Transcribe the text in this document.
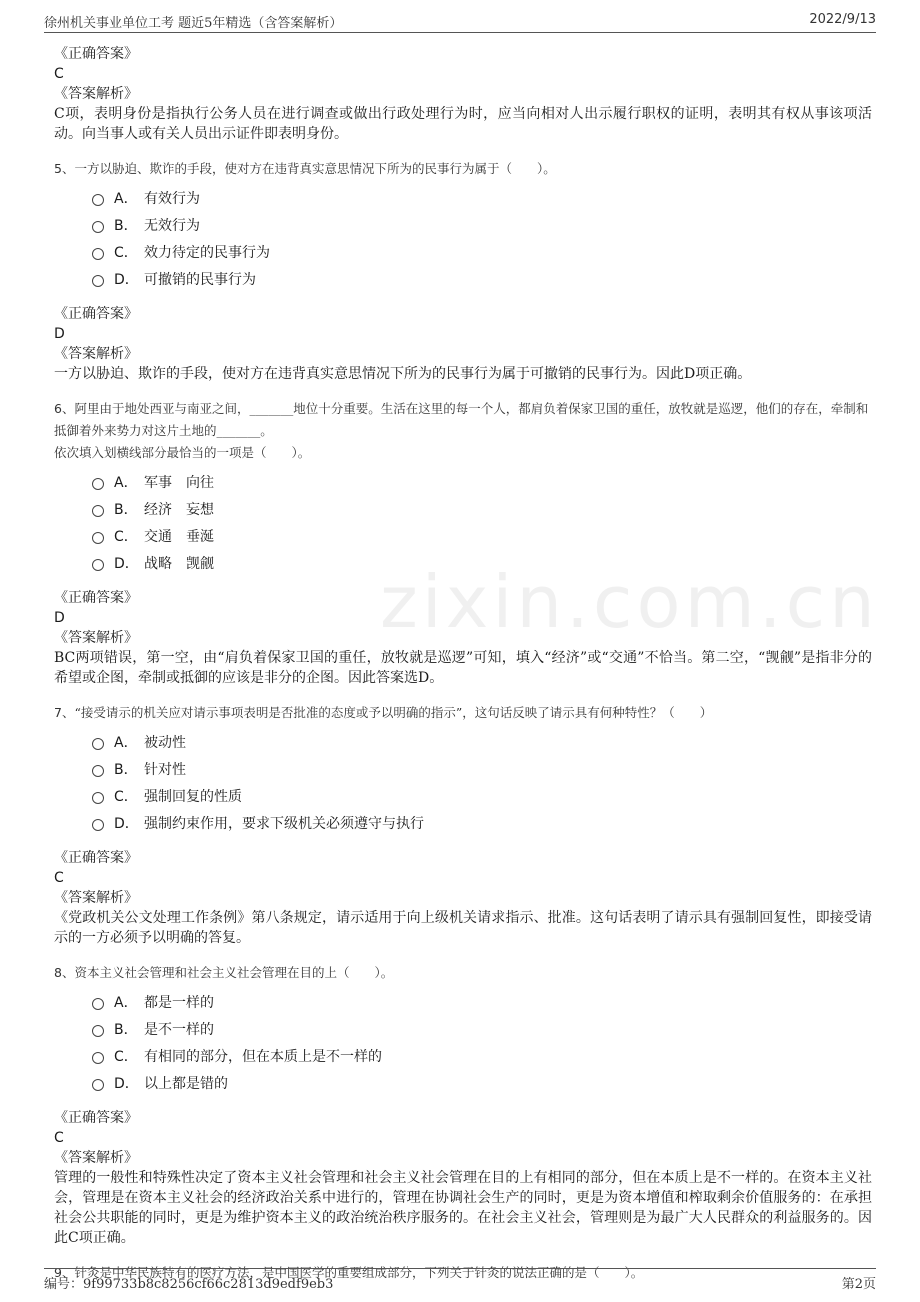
徐州机关事业单位工考 题近5年精选（含答案解析）	2022/9/13
zixin.com.cn
《正确答案》
C
《答案解析》
C项，表明身份是指执行公务人员在进行调查或做出行政处理行为时，应当向相对人出示履行职权的证明，表明其有权从事该项活动。向当事人或有关人员出示证件即表明身份。
5、一方以胁迫、欺诈的手段，使对方在违背真实意思情况下所为的民事行为属于（　　）。
A． 有效行为
B． 无效行为
C． 效力待定的民事行为
D． 可撤销的民事行为
《正确答案》
D
《答案解析》
一方以胁迫、欺诈的手段，使对方在违背真实意思情况下所为的民事行为属于可撤销的民事行为。因此D项正确。
6、阿里由于地处西亚与南亚之间，_______地位十分重要。生活在这里的每一个人，都肩负着保家卫国的重任，放牧就是巡逻，他们的存在，牵制和抵御着外来势力对这片土地的_______。
依次填入划横线部分最恰当的一项是（　　）。
A． 军事　向往
B． 经济　妄想
C． 交通　垂涎
D． 战略　觊觎
《正确答案》
D
《答案解析》
BC两项错误，第一空，由“肩负着保家卫国的重任，放牧就是巡逻”可知，填入“经济”或“交通”不恰当。第二空，“觊觎”是指非分的希望或企图，牵制或抵御的应该是非分的企图。因此答案选D。
7、“接受请示的机关应对请示事项表明是否批准的态度或予以明确的指示”，这句话反映了请示具有何种特性？（　　）
A． 被动性
B． 针对性
C． 强制回复的性质
D． 强制约束作用，要求下级机关必须遵守与执行
《正确答案》
C
《答案解析》
《党政机关公文处理工作条例》第八条规定，请示适用于向上级机关请求指示、批准。这句话表明了请示具有强制回复性，即接受请示的一方必须予以明确的答复。
8、资本主义社会管理和社会主义社会管理在目的上（　　）。
A． 都是一样的
B． 是不一样的
C． 有相同的部分，但在本质上是不一样的
D． 以上都是错的
《正确答案》
C
《答案解析》
管理的一般性和特殊性决定了资本主义社会管理和社会主义社会管理在目的上有相同的部分，但在本质上是不一样的。在资本主义社会，管理是在资本主义社会的经济政治关系中进行的，管理在协调社会生产的同时，更是为资本增值和榨取剩余价值服务的：在承担社会公共职能的同时，更是为维护资本主义的政治统治秩序服务的。在社会主义社会，管理则是为最广大人民群众的利益服务的。因此C项正确。
9、针灸是中华民族特有的医疗方法，是中国医学的重要组成部分，下列关于针灸的说法正确的是（　　）。
编号：9f99733b8c8256cf66c2813d9edf9eb3	第2页
